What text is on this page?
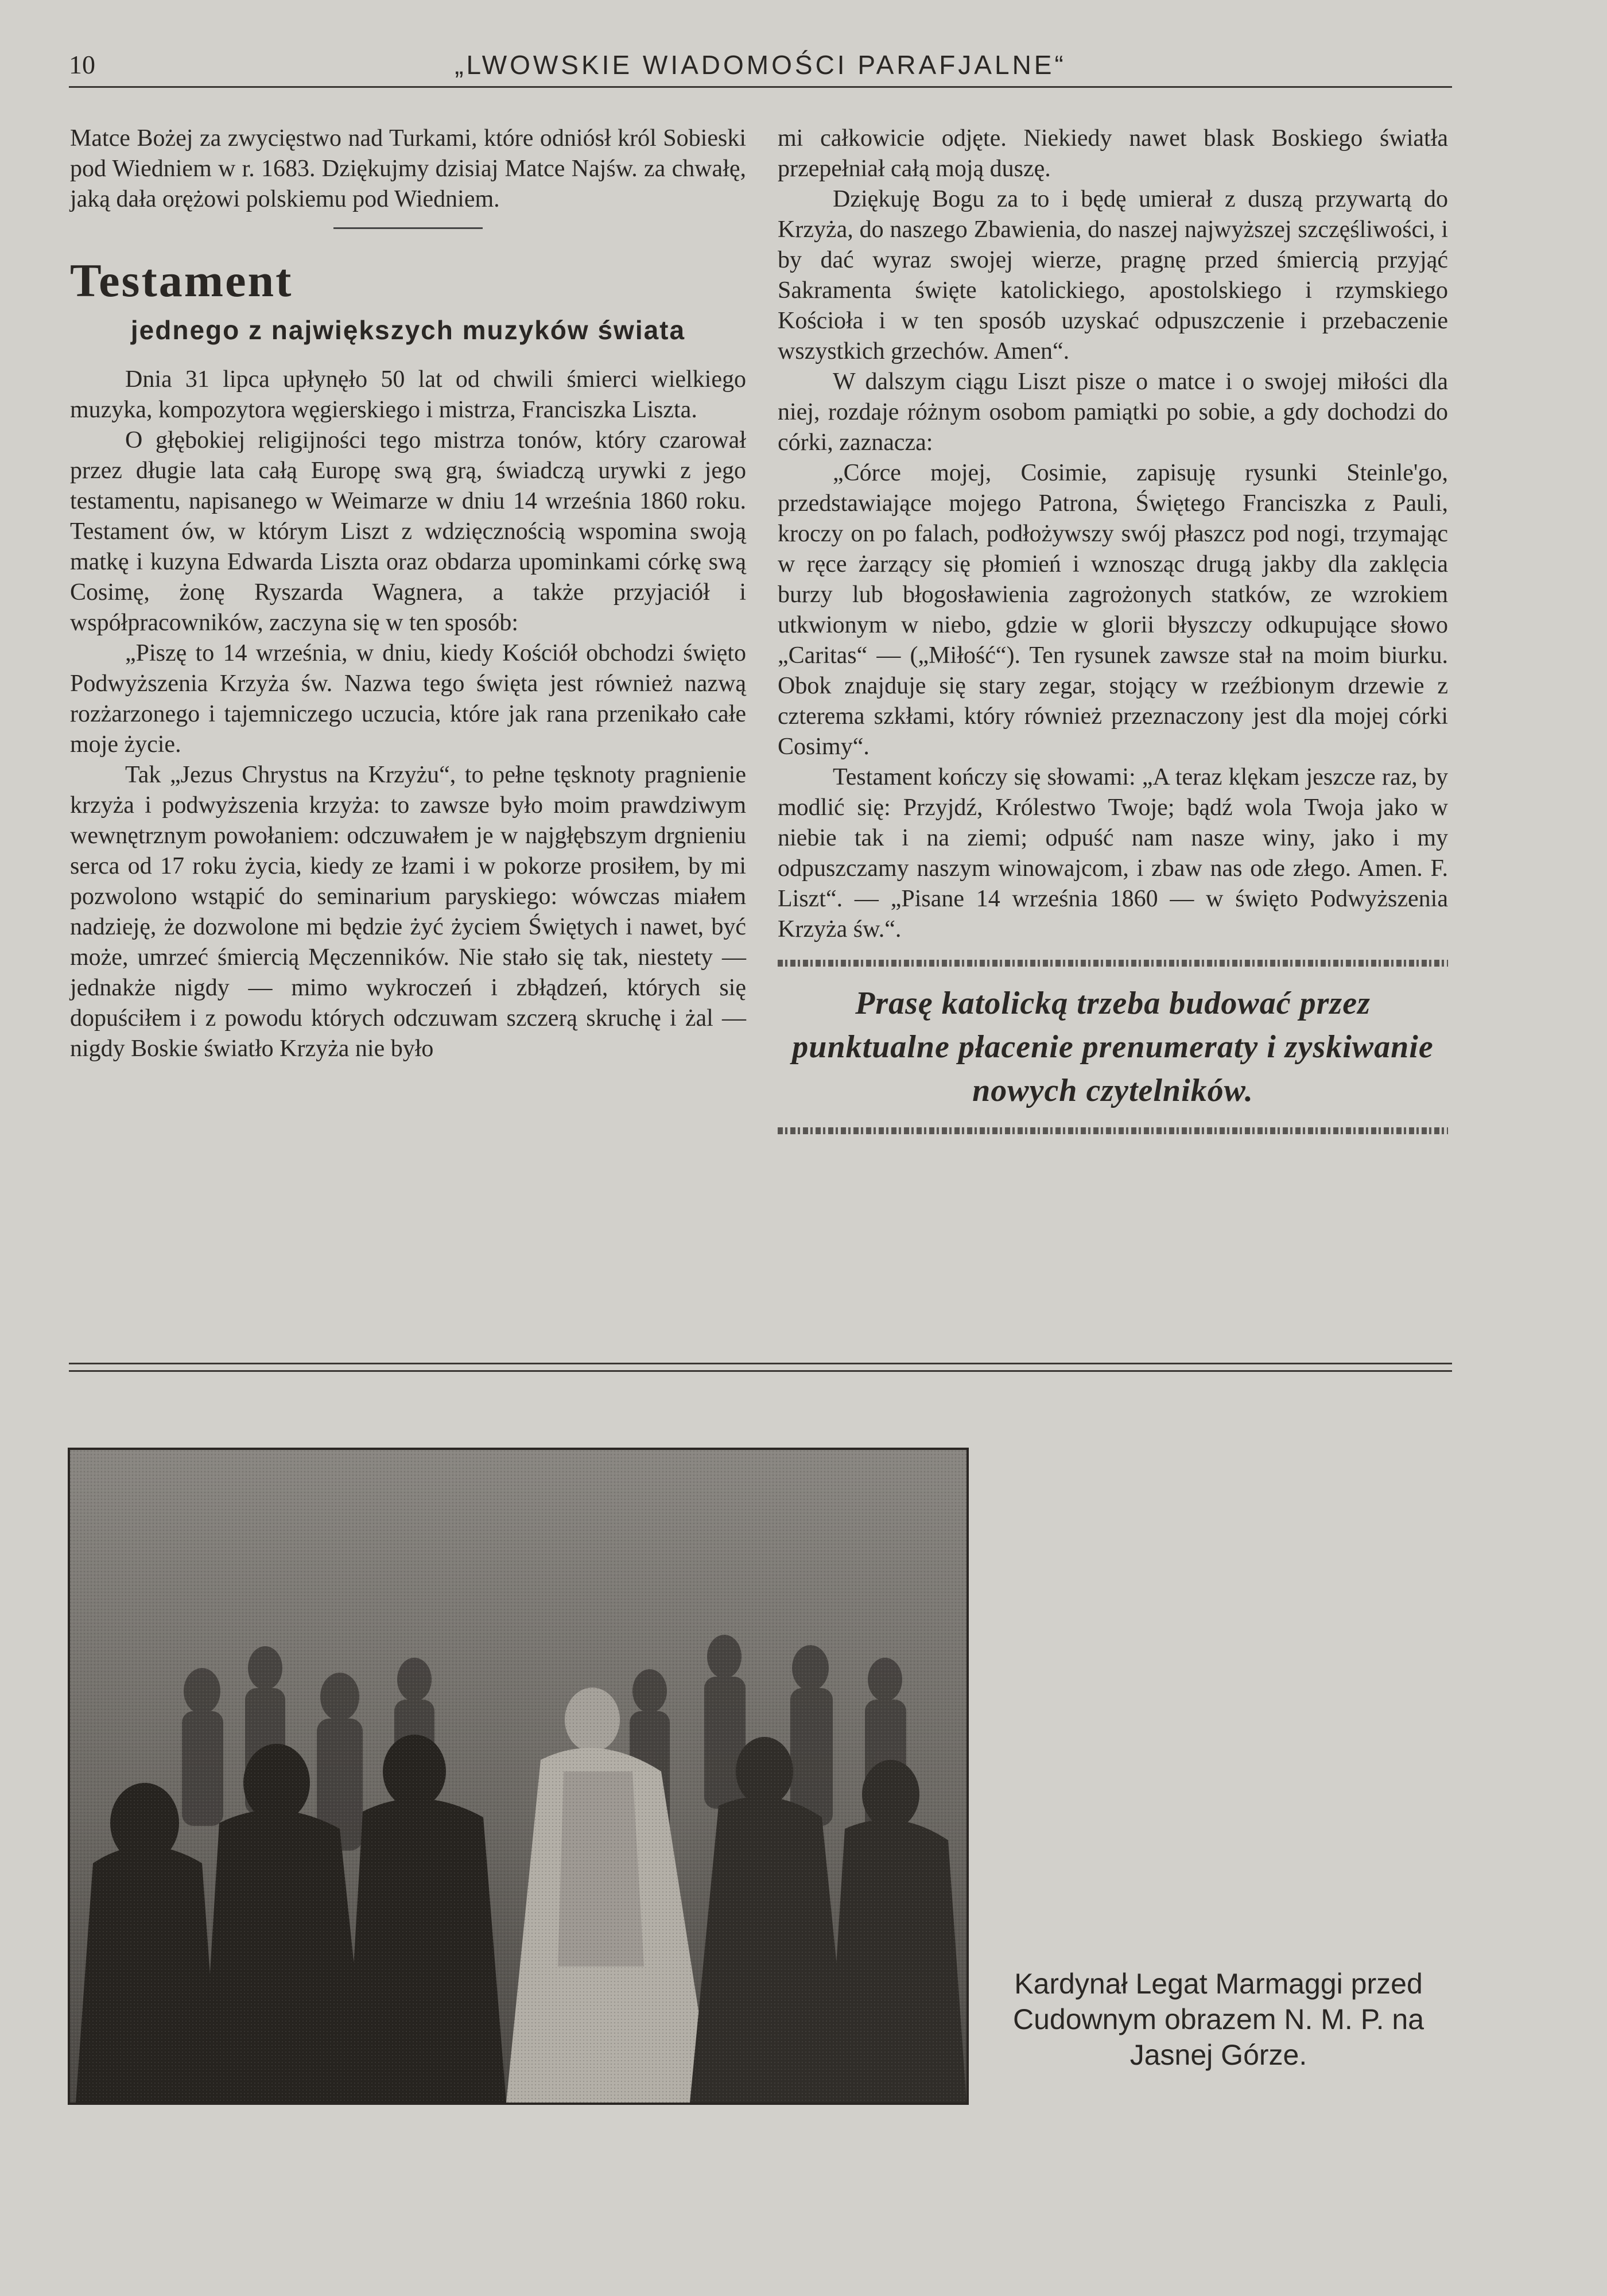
10	„LWOWSKIE WIADOMOŚCI PARAFJALNE“

Matce Bożej za zwycięstwo nad Turkami, które odniósł król Sobieski pod Wiedniem w r. 1683. Dziękujmy dzisiaj Matce Najśw. za chwałę, jaką dała orężowi polskiemu pod Wiedniem.

Testament
jednego z największych muzyków świata

Dnia 31 lipca upłynęło 50 lat od chwili śmierci wielkiego muzyka, kompozytora węgierskiego i mistrza, Franciszka Liszta.

O głębokiej religijności tego mistrza tonów, który czarował przez długie lata całą Europę swą grą, świadczą urywki z jego testamentu, napisanego w Weimarze w dniu 14 września 1860 roku. Testament ów, w którym Liszt z wdzięcznością wspomina swoją matkę i kuzyna Edwarda Liszta oraz obdarza upominkami córkę swą Cosimę, żonę Ryszarda Wagnera, a także przyjaciół i współpracowników, zaczyna się w ten sposób:

„Piszę to 14 września, w dniu, kiedy Kościół obchodzi święto Podwyższenia Krzyża św. Nazwa tego święta jest również nazwą rozżarzonego i tajemniczego uczucia, które jak rana przenikało całe moje życie.

Tak „Jezus Chrystus na Krzyżu“, to pełne tęsknoty pragnienie krzyża i podwyższenia krzyża: to zawsze było moim prawdziwym wewnętrznym powołaniem: odczuwałem je w najgłębszym drgnieniu serca od 17 roku życia, kiedy ze łzami i w pokorze prosiłem, by mi pozwolono wstąpić do seminarium paryskiego: wówczas miałem nadzieję, że dozwolone mi będzie żyć życiem Świętych i nawet, być może, umrzeć śmiercią Męczenników. Nie stało się tak, niestety — jednakże nigdy — mimo wykroczeń i zbłądzeń, których się dopuściłem i z powodu których odczuwam szczerą skruchę i żal — nigdy Boskie światło Krzyża nie było

mi całkowicie odjęte. Niekiedy nawet blask Boskiego światła przepełniał całą moją duszę.

Dziękuję Bogu za to i będę umierał z duszą przywartą do Krzyża, do naszego Zbawienia, do naszej najwyższej szczęśliwości, i by dać wyraz swojej wierze, pragnę przed śmiercią przyjąć Sakramenta święte katolickiego, apostolskiego i rzymskiego Kościoła i w ten sposób uzyskać odpuszczenie i przebaczenie wszystkich grzechów. Amen“.

W dalszym ciągu Liszt pisze o matce i o swojej miłości dla niej, rozdaje różnym osobom pamiątki po sobie, a gdy dochodzi do córki, zaznacza:

„Córce mojej, Cosimie, zapisuję rysunki Steinle'go, przedstawiające mojego Patrona, Świętego Franciszka z Pauli, kroczy on po falach, podłożywszy swój płaszcz pod nogi, trzymając w ręce żarzący się płomień i wznosząc drugą jakby dla zaklęcia burzy lub błogosławienia zagrożonych statków, ze wzrokiem utkwionym w niebo, gdzie w glorii błyszczy odkupujące słowo „Caritas“ — („Miłość“). Ten rysunek zawsze stał na moim biurku. Obok znajduje się stary zegar, stojący w rzeźbionym drzewie z czterema szkłami, który również przeznaczony jest dla mojej córki Cosimy“.

Testament kończy się słowami: „A teraz klękam jeszcze raz, by modlić się: Przyjdź, Królestwo Twoje; bądź wola Twoja jako w niebie tak i na ziemi; odpuść nam nasze winy, jako i my odpuszczamy naszym winowajcom, i zbaw nas ode złego. Amen. F. Liszt“. — „Pisane 14 września 1860 — w święto Podwyższenia Krzyża św.“.

Prasę katolicką trzeba budować przez punktualne płacenie prenumeraty i zyskiwanie nowych czytelników.
Kardynał Legat Marmaggi przed
Cudownym obrazem N. M. P. na
Jasnej Górze.
